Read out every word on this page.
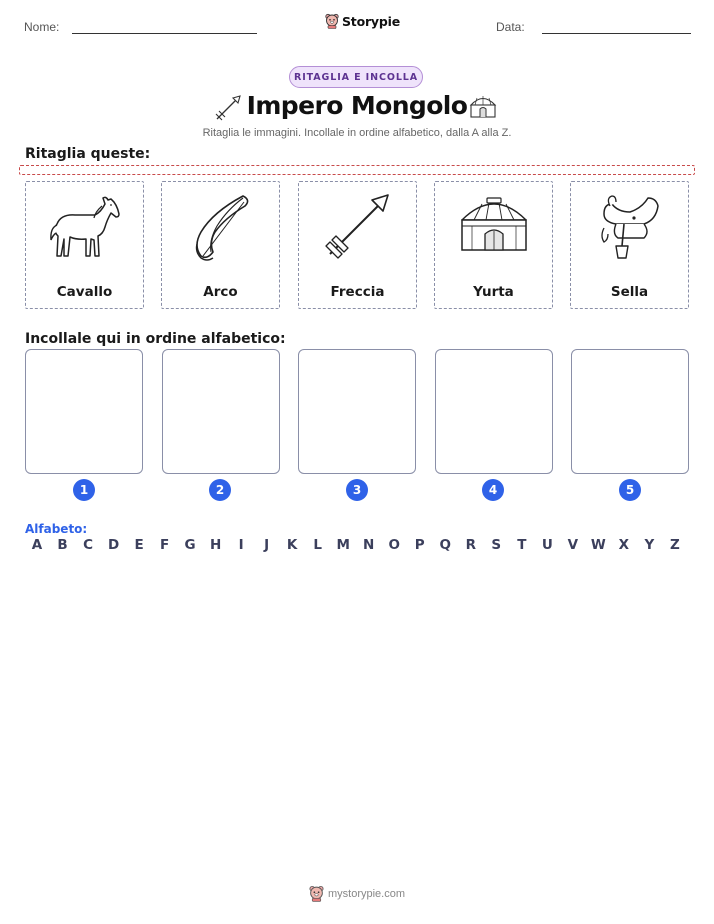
Nome:	Storypie	Data:
RITAGLIA E INCOLLA
Impero Mongolo
Ritaglia le immagini. Incollale in ordine alfabetico, dalla A alla Z.
Ritaglia queste:
Cavallo	Arco	Freccia	Yurta	Sella
Incollale qui in ordine alfabetico:
1	2	3	4	5
Alfabeto:
A	B	C	D	E	F	G	H	I	J	K	L	M N	O	P	Q	R	S	T	U	V W X	Y	Z
mystorypie.com
